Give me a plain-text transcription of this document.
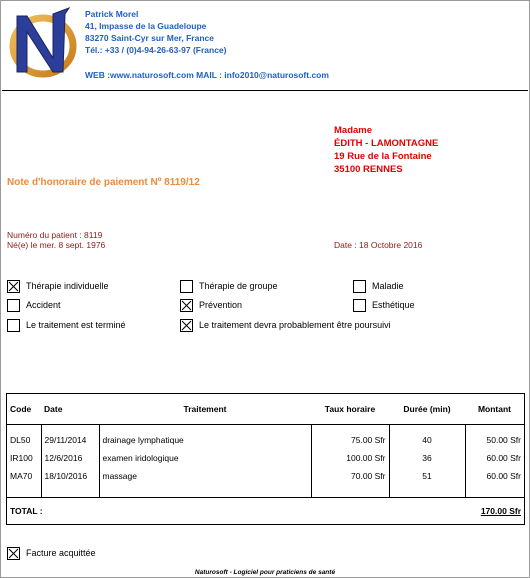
Patrick Morel
41, Impasse de la Guadeloupe
83270 Saint-Cyr sur Mer, France
Tél.: +33 / (0)4-94-26-63-97 (France)
WEB :www.naturosoft.com MAIL : info2010@naturosoft.com
Madame
ÉDITH - LAMONTAGNE
19 Rue de la Fontaine
35100 RENNES
Note d'honoraire de paiement Nº 8119/12
Numéro du patient : 8119
Né(e) le mer. 8 sept. 1976	Date : 18 Octobre 2016
Thérapie individuelle	Thérapie de groupe	Maladie
Accident	Prévention	Esthétique
Le traitement est terminé	Le traitement devra probablement être poursuivi
Code	Date	Traitement	Taux horaire	Durée (min)	Montant
DL50	29/11/2014	drainage lymphatique	75.00 Sfr	40	50.00 Sfr
IR100	12/6/2016	examen iridologique	100.00 Sfr	36	60.00 Sfr
MA70	18/10/2016	massage	70.00 Sfr	51	60.00 Sfr

TOTAL :					170.00 Sfr
Facture acquittée
Naturosoft - Logiciel pour praticiens de santé
